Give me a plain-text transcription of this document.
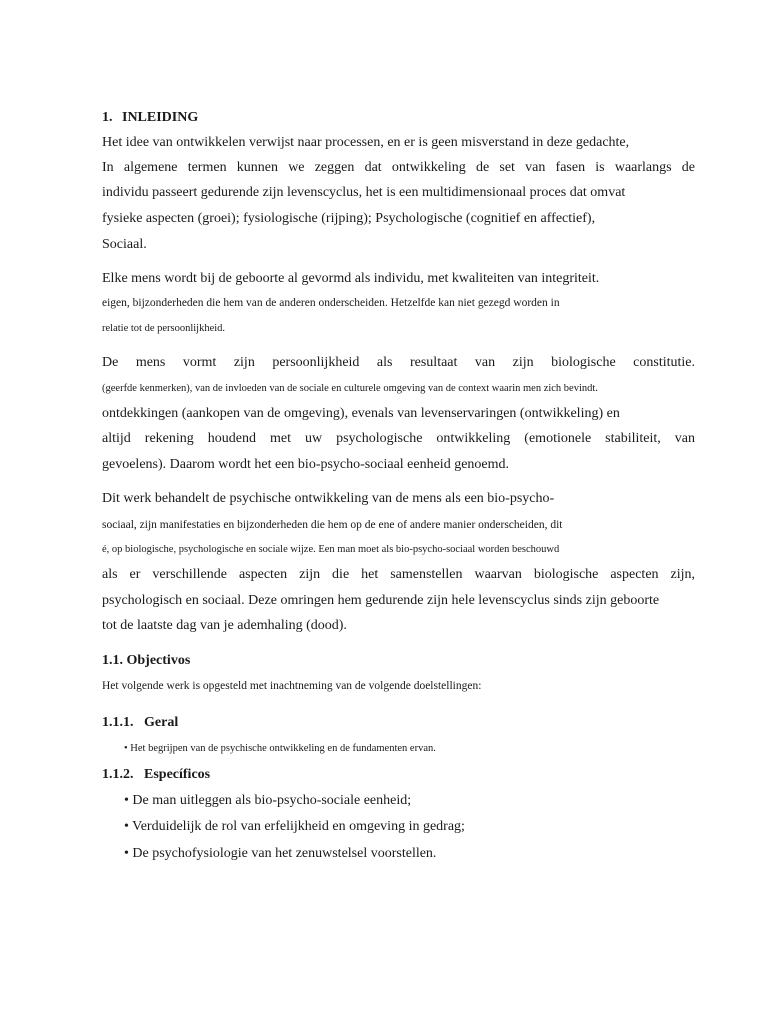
1. INLEIDING
Het idee van ontwikkelen verwijst naar processen, en er is geen misverstand in deze gedachte,
In algemene termen kunnen we zeggen dat ontwikkeling de set van fasen is waarlangs de
individu passeert gedurende zijn levenscyclus, het is een multidimensionaal proces dat omvat
fysieke aspecten (groei); fysiologische (rijping); Psychologische (cognitief en affectief),
Sociaal.
Elke mens wordt bij de geboorte al gevormd als individu, met kwaliteiten van integriteit.
eigen, bijzonderheden die hem van de anderen onderscheiden. Hetzelfde kan niet gezegd worden in
relatie tot de persoonlijkheid.
De mens vormt zijn persoonlijkheid als resultaat van zijn biologische constitutie.
(geerfde kenmerken), van de invloeden van de sociale en culturele omgeving van de context waarin men zich bevindt.
ontdekkingen (aankopen van de omgeving), evenals van levenservaringen (ontwikkeling) en
altijd rekening houdend met uw psychologische ontwikkeling (emotionele stabiliteit, van
gevoelens). Daarom wordt het een bio-psycho-sociaal eenheid genoemd.
Dit werk behandelt de psychische ontwikkeling van de mens als een bio-psycho-
sociaal, zijn manifestaties en bijzonderheden die hem op de ene of andere manier onderscheiden, dit
é, op biologische, psychologische en sociale wijze. Een man moet als bio-psycho-sociaal worden beschouwd
als er verschillende aspecten zijn die het samenstellen waarvan biologische aspecten zijn,
psychologisch en sociaal. Deze omringen hem gedurende zijn hele levenscyclus sinds zijn geboorte
tot de laatste dag van je ademhaling (dood).
1.1. Objectivos
Het volgende werk is opgesteld met inachtneming van de volgende doelstellingen:
1.1.1. Geral
• Het begrijpen van de psychische ontwikkeling en de fundamenten ervan.
1.1.2. Específicos
• De man uitleggen als bio-psycho-sociale eenheid;
• Verduidelijk de rol van erfelijkheid en omgeving in gedrag;
• De psychofysiologie van het zenuwstelsel voorstellen.
